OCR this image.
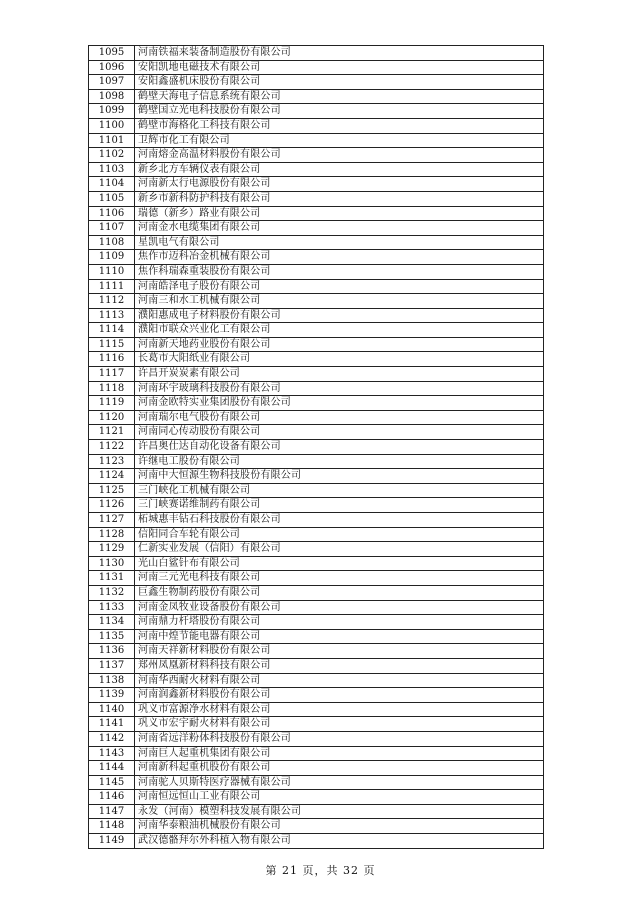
1095	河南铁福来装备制造股份有限公司
1096	安阳凯地电磁技术有限公司
1097	安阳鑫盛机床股份有限公司
1098	鹤壁天海电子信息系统有限公司
1099	鹤壁国立光电科技股份有限公司
1100	鹤壁市海格化工科技有限公司
1101	卫辉市化工有限公司
1102	河南熔金高温材料股份有限公司
1103	新乡北方车辆仪表有限公司
1104	河南新太行电源股份有限公司
1105	新乡市新科防护科技有限公司
1106	瑞德（新乡）路业有限公司
1107	河南金水电缆集团有限公司
1108	星凯电气有限公司
1109	焦作市迈科冶金机械有限公司
1110	焦作科瑞森重装股份有限公司
1111	河南皓泽电子股份有限公司
1112	河南三和水工机械有限公司
1113	濮阳惠成电子材料股份有限公司
1114	濮阳市联众兴业化工有限公司
1115	河南新天地药业股份有限公司
1116	长葛市大阳纸业有限公司
1117	许昌开炭炭素有限公司
1118	河南环宇玻璃科技股份有限公司
1119	河南金欧特实业集团股份有限公司
1120	河南瑞尔电气股份有限公司
1121	河南同心传动股份有限公司
1122	许昌奥仕达自动化设备有限公司
1123	许继电工股份有限公司
1124	河南中大恒源生物科技股份有限公司
1125	三门峡化工机械有限公司
1126	三门峡赛诺维制药有限公司
1127	柘城惠丰钻石科技股份有限公司
1128	信阳同合车轮有限公司
1129	仁新实业发展（信阳）有限公司
1130	光山白鲨针布有限公司
1131	河南三元光电科技有限公司
1132	巨鑫生物制药股份有限公司
1133	河南金凤牧业设备股份有限公司
1134	河南鼎力杆塔股份有限公司
1135	河南中煌节能电器有限公司
1136	河南天祥新材料股份有限公司
1137	郑州凤凰新材料科技有限公司
1138	河南华西耐火材料有限公司
1139	河南润鑫新材料股份有限公司
1140	巩义市富源净水材料有限公司
1141	巩义市宏宇耐火材料有限公司
1142	河南省远洋粉体科技股份有限公司
1143	河南巨人起重机集团有限公司
1144	河南新科起重机股份有限公司
1145	河南驼人贝斯特医疗器械有限公司
1146	河南恒远恒山工业有限公司
1147	永发（河南）模塑科技发展有限公司
1148	河南华泰粮油机械股份有限公司
1149	武汉德骼拜尔外科植入物有限公司
第 21 页，共 32 页
